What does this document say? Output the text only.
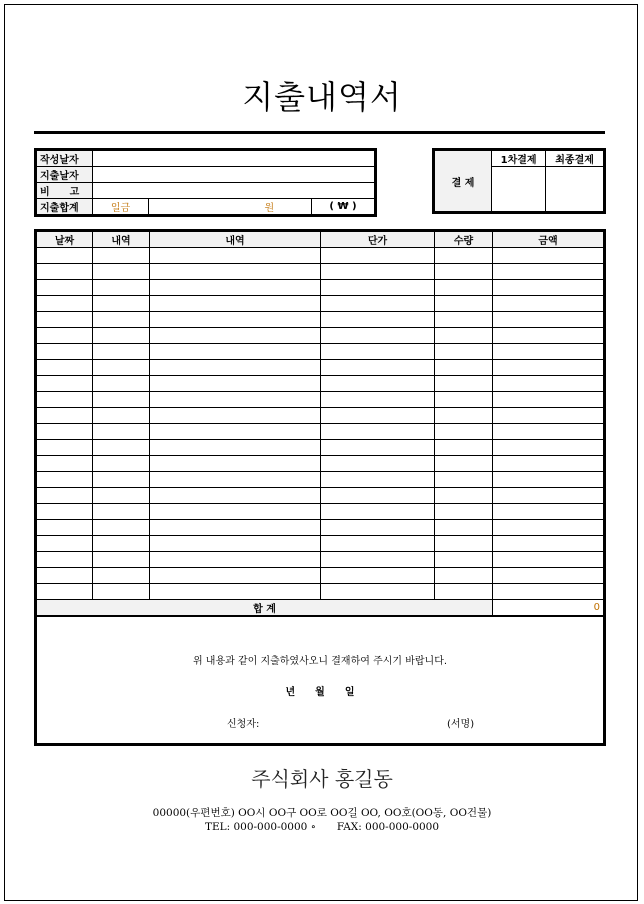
지출내역서
작성날자				
지출날자				
비　　고				
지출합계	일금		원	( ₩ )
결 제	1차결제	최종결제

날짜	내역	내역	단가	수량	금액

합 계					0
위 내용과 같이 지출하였사오니 결재하여 주시기 바랍니다.
년　　월　　일
신청자:	(서명)
주식회사 홍길동
00000(우편번호) OO시 OO구 OO로 OO길 OO, OO호(OO동, OO건물)
TEL: 000-000-0000 ∘　　FAX: 000-000-0000
